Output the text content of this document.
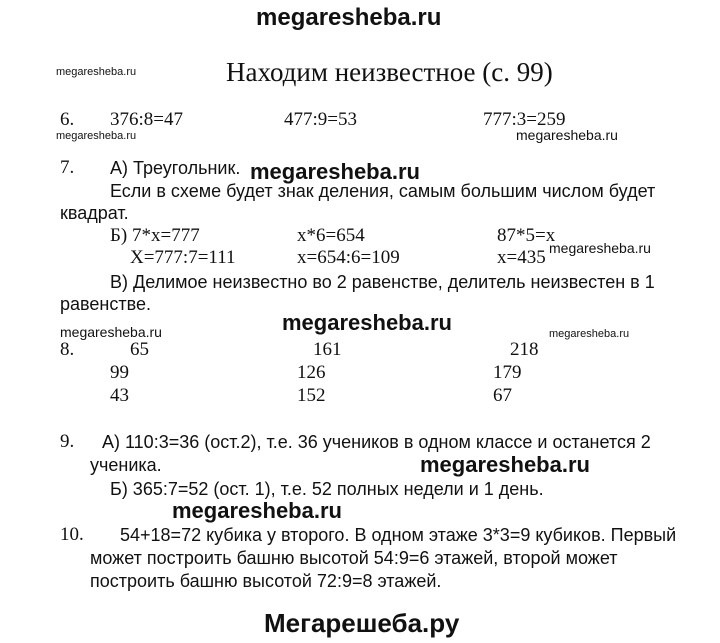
megaresheba.ru
megaresheba.ru	Находим неизвестное (с. 99)
6. 376:8=47	477:9=53	777:3=259
megaresheba.ru	megaresheba.ru
7. А) Треугольник. megaresheba.ru
Если в схеме будет знак деления, самым большим числом будет
квадрат.
Б) 7*х=777	х*6=654	87*5=х
Х=777:7=111	х=654:6=109	х=435 megaresheba.ru
В) Делимое неизвестно во 2 равенстве, делитель неизвестен в 1
равенстве.
megaresheba.ru	megaresheba.ru	megaresheba.ru
8.	65	161	218
99	126	179
43	152	67
9. А) 110:3=36 (ост.2), т.е. 36 учеников в одном классе и останется 2
ученика.	megaresheba.ru
Б) 365:7=52 (ост. 1), т.е. 52 полных недели и 1 день.
megaresheba.ru
10. 54+18=72 кубика у второго. В одном этаже 3*3=9 кубиков. Первый
может построить башню высотой 54:9=6 этажей, второй может
построить башню высотой 72:9=8 этажей.
Мегарешеба.ру
